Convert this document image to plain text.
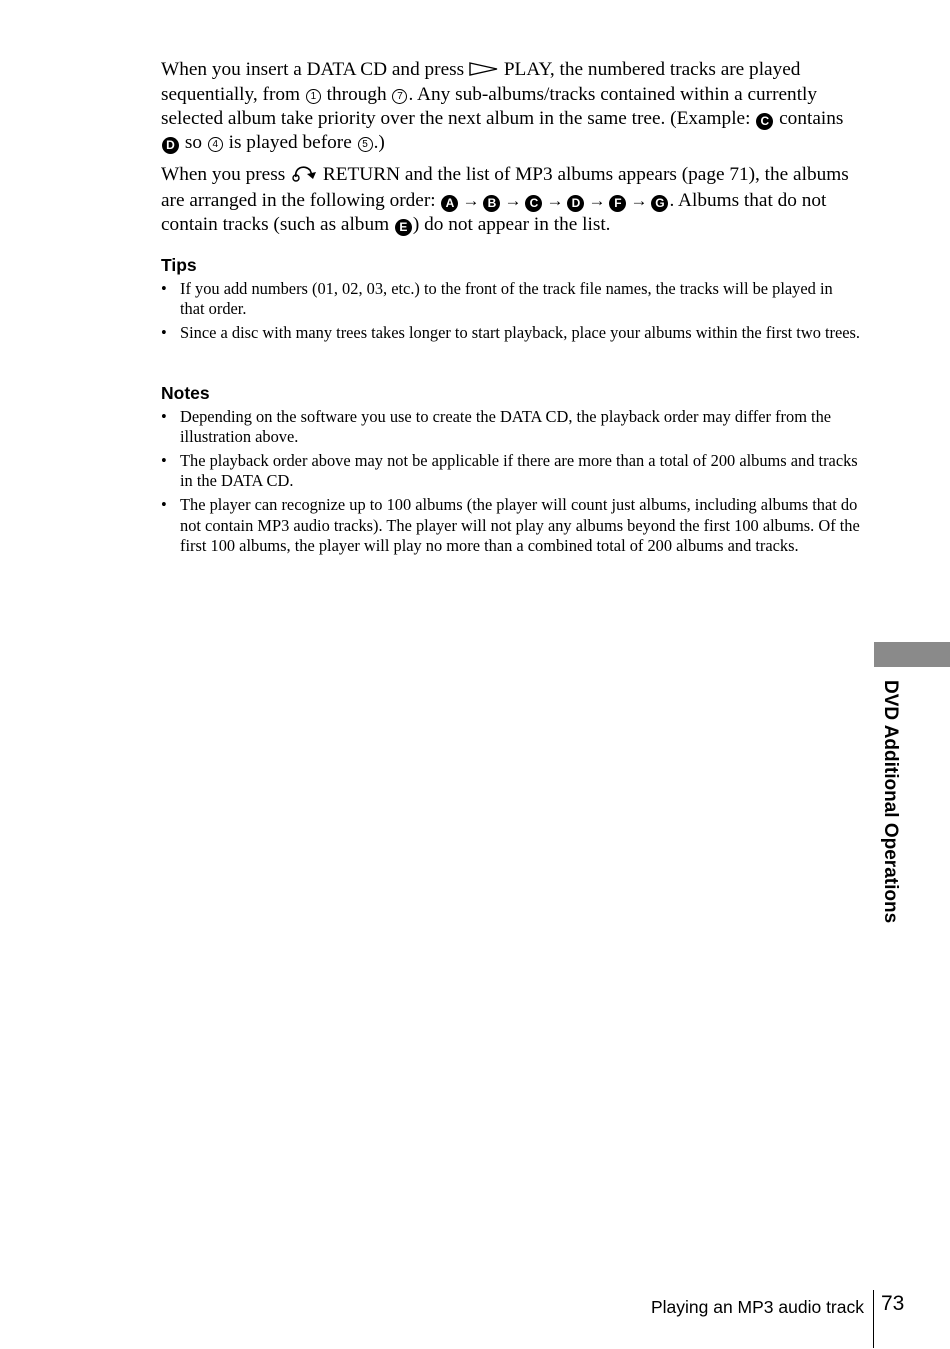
When you insert a DATA CD and press  PLAY, the numbered tracks are played sequentially, from 1 through 7 . Any sub-albums/tracks contained within a currently selected album take priority over the next album in the same tree. (Example: C contains D so 4 is played before 5 .)

When you press  RETURN and the list of MP3 albums appears (page 71), the albums are arranged in the following order: A → B → C → D → F → G . Albums that do not contain tracks (such as album E ) do not appear in the list.

Tips
• If you add numbers (01, 02, 03, etc.) to the front of the track file names, the tracks will be played in that order.
• Since a disc with many trees takes longer to start playback, place your albums within the first two trees.
Notes
• Depending on the software you use to create the DATA CD, the playback order may differ from the illustration above.
• The playback order above may not be applicable if there are more than a total of 200 albums and tracks in the DATA CD.
• The player can recognize up to 100 albums (the player will count just albums, including albums that do not contain MP3 audio tracks). The player will not play any albums beyond the first 100 albums. Of the first 100 albums, the player will play no more than a combined total of 200 albums and tracks.
DVD Additional Operations
Playing an MP3 audio track 73
